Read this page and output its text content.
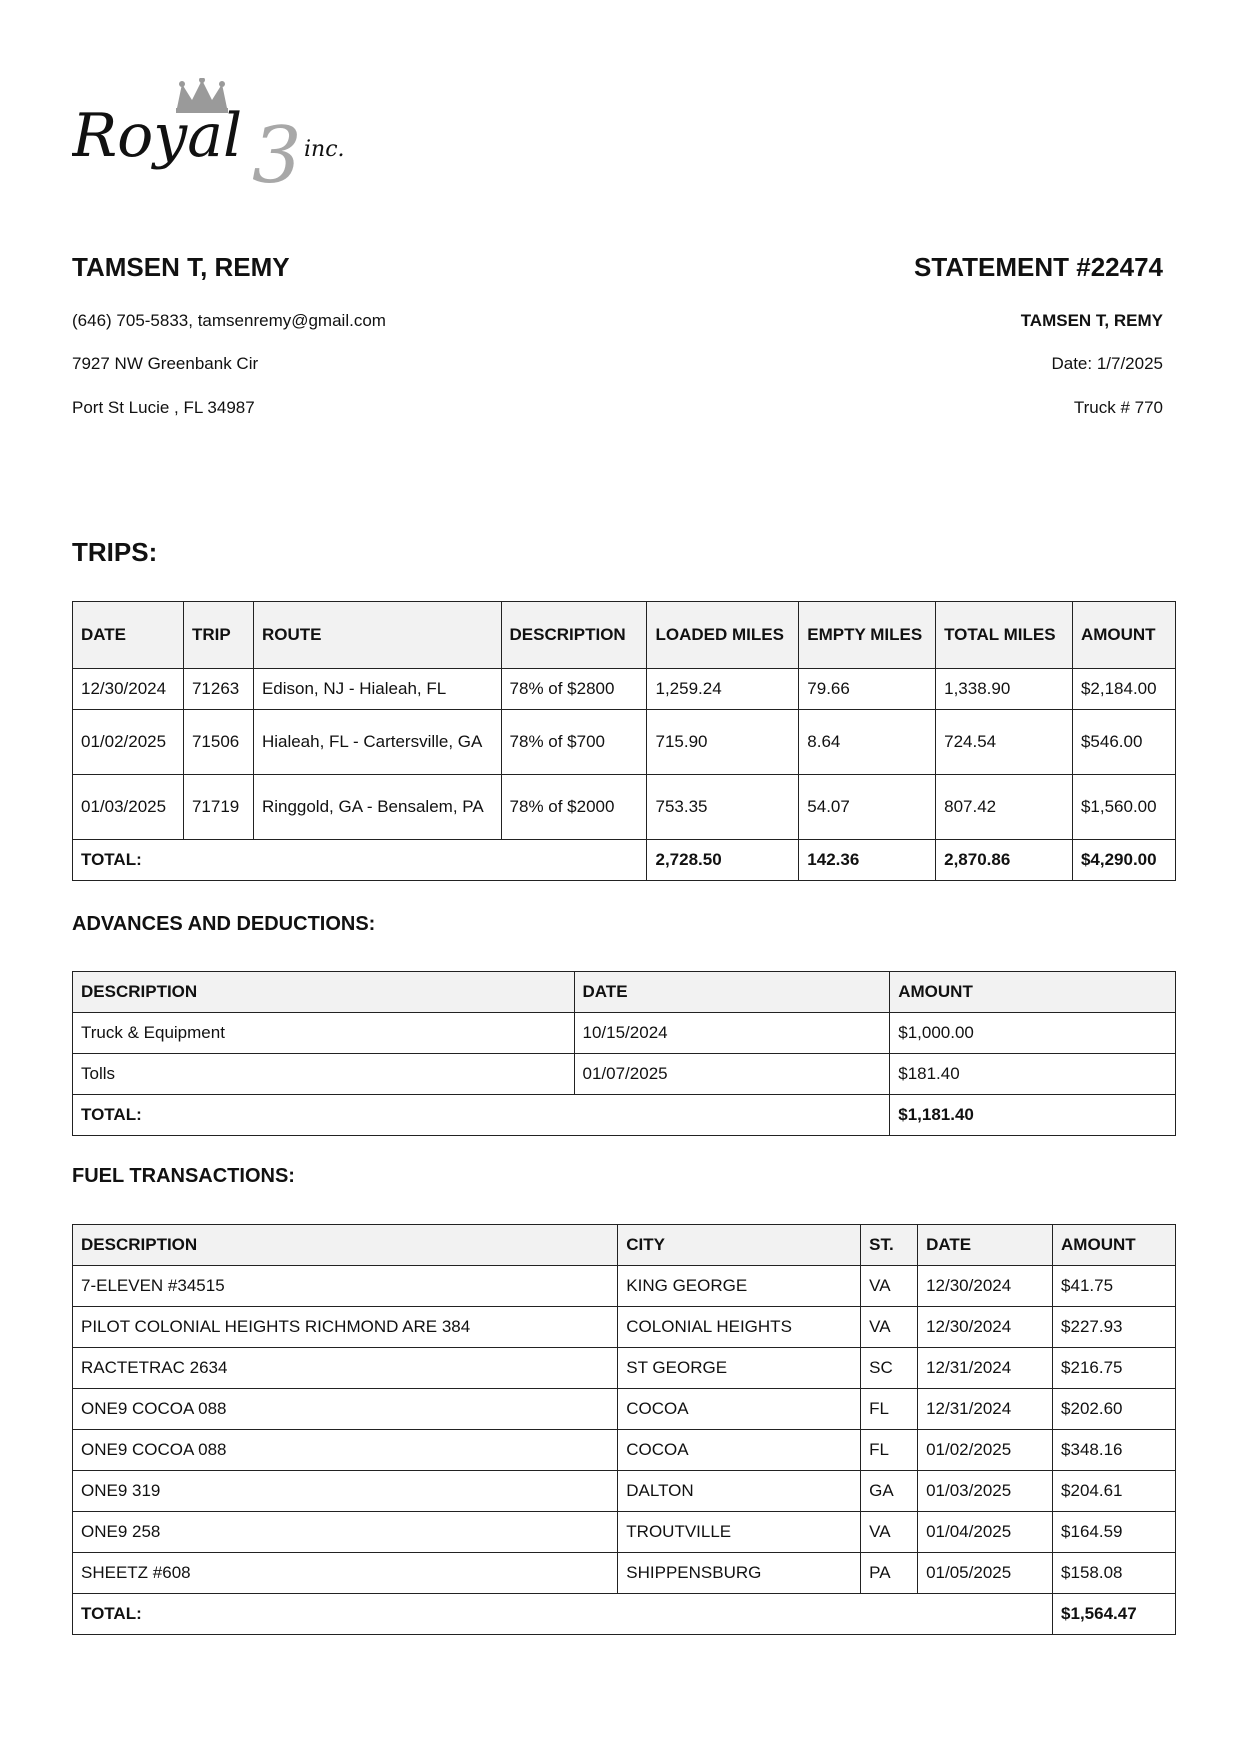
Royal 3 inc.
TAMSEN T, REMY
(646) 705-5833, tamsenremy@gmail.com
7927 NW Greenbank Cir
Port St Lucie , FL 34987
STATEMENT #22474
TAMSEN T, REMY
Date: 1/7/2025
Truck # 770
TRIPS:
DATE	TRIP	ROUTE	DESCRIPTION	LOADED MILES	EMPTY MILES	TOTAL MILES	AMOUNT
12/30/2024	71263	Edison, NJ - Hialeah, FL	78% of $2800	1,259.24	79.66	1,338.90	$2,184.00
01/02/2025	71506	Hialeah, FL - Cartersville, GA	78% of $700	715.90	8.64	724.54	$546.00
01/03/2025	71719	Ringgold, GA - Bensalem, PA	78% of $2000	753.35	54.07	807.42	$1,560.00
TOTAL:				2,728.50	142.36	2,870.86	$4,290.00
ADVANCES AND DEDUCTIONS:
DESCRIPTION	DATE	AMOUNT
Truck & Equipment	10/15/2024	$1,000.00
Tolls	01/07/2025	$181.40
TOTAL:		$1,181.40
FUEL TRANSACTIONS:
DESCRIPTION	CITY	ST.	DATE	AMOUNT
7-ELEVEN #34515	KING GEORGE	VA	12/30/2024	$41.75
PILOT COLONIAL HEIGHTS RICHMOND ARE 384	COLONIAL HEIGHTS	VA	12/30/2024	$227.93
RACTETRAC 2634	ST GEORGE	SC	12/31/2024	$216.75
ONE9 COCOA 088	COCOA	FL	12/31/2024	$202.60
ONE9 COCOA 088	COCOA	FL	01/02/2025	$348.16
ONE9 319	DALTON	GA	01/03/2025	$204.61
ONE9 258	TROUTVILLE	VA	01/04/2025	$164.59
SHEETZ #608	SHIPPENSBURG	PA	01/05/2025	$158.08
TOTAL:				$1,564.47
